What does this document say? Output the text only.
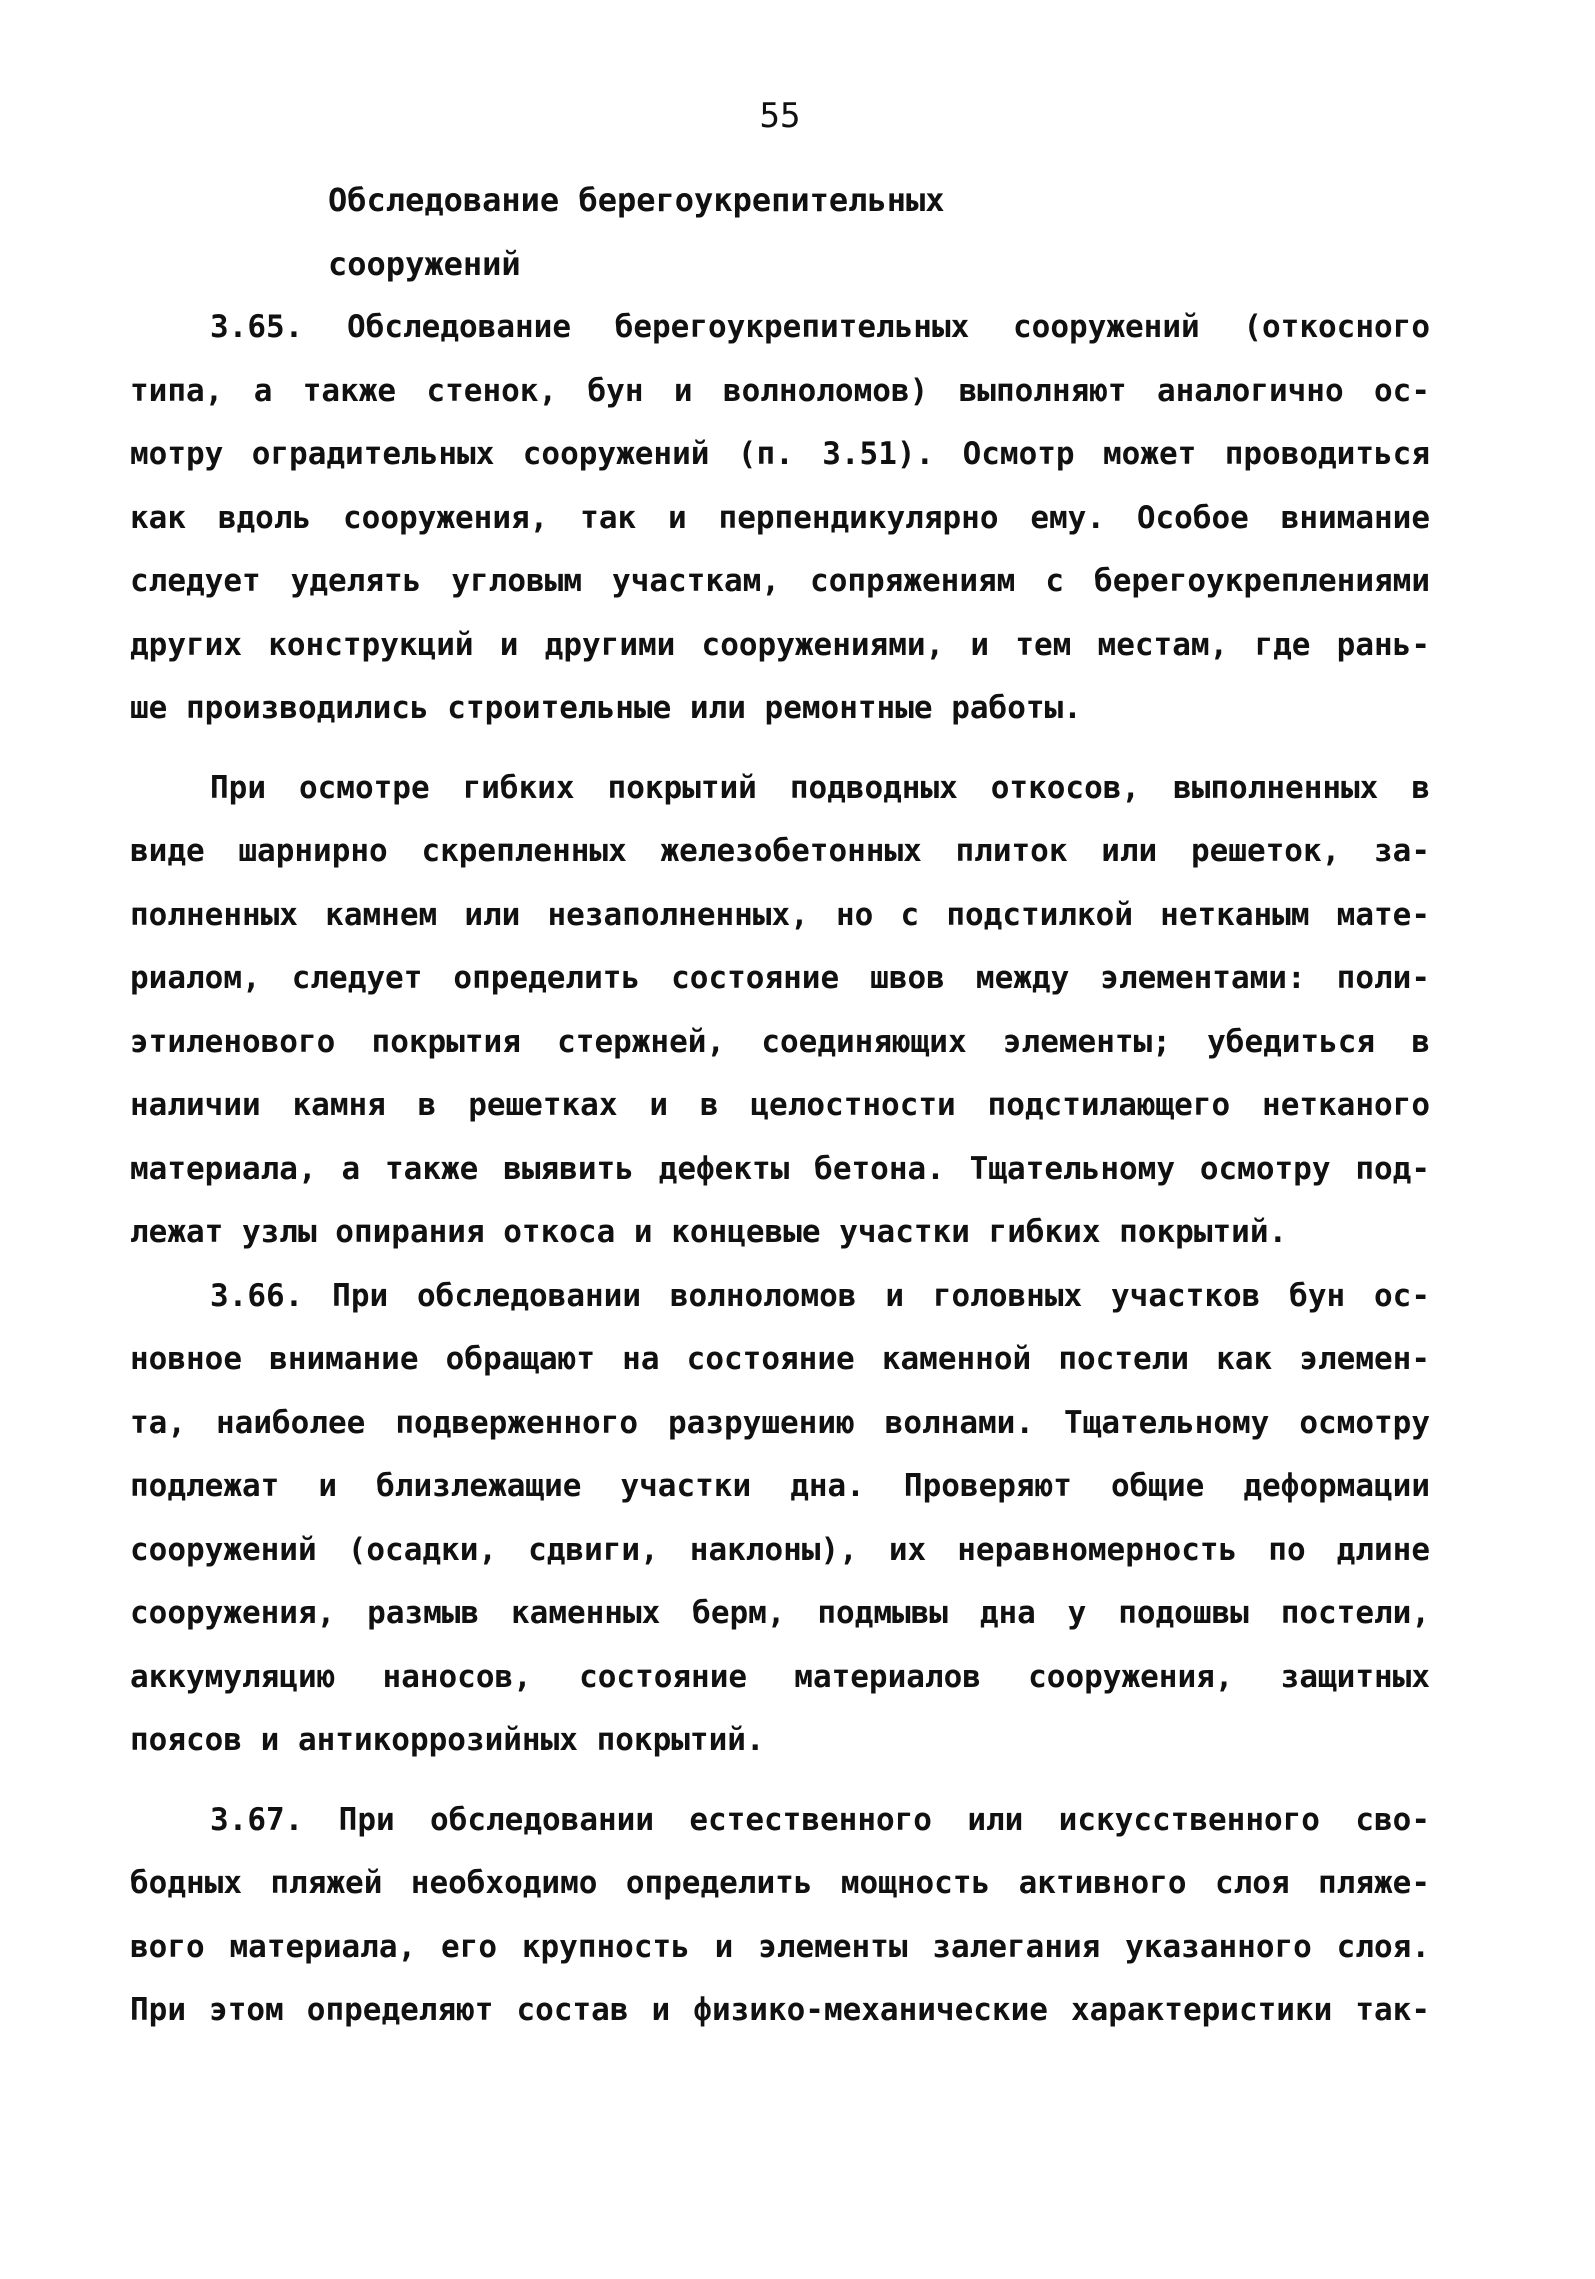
55
Обследование берегоукрепительных
сооружений
3.65. Обследование берегоукрепительных сооружений (откосного
типа, а также стенок, бун и волноломов) выполняют аналогично ос-
мотру оградительных сооружений (п. 3.51). Осмотр может проводиться
как вдоль сооружения, так и перпендикулярно ему. Особое внимание
следует уделять угловым участкам, сопряжениям с берегоукреплениями
других конструкций и другими сооружениями, и тем местам, где рань-
ше производились строительные или ремонтные работы.
При осмотре гибких покрытий подводных откосов, выполненных в
виде шарнирно скрепленных железобетонных плиток или решеток, за-
полненных камнем или незаполненных, но с подстилкой нетканым мате-
риалом, следует определить состояние швов между элементами: поли-
этиленового покрытия стержней, соединяющих элементы; убедиться в
наличии камня в решетках и в целостности подстилающего нетканого
материала, а также выявить дефекты бетона. Тщательному осмотру под-
лежат узлы опирания откоса и концевые участки гибких покрытий.
3.66. При обследовании волноломов и головных участков бун ос-
новное внимание обращают на состояние каменной постели как элемен-
та, наиболее подверженного разрушению волнами. Тщательному осмотру
подлежат и близлежащие участки дна. Проверяют общие деформации
сооружений (осадки, сдвиги, наклоны), их неравномерность по длине
сооружения, размыв каменных берм, подмывы дна у подошвы постели,
аккумуляцию наносов, состояние материалов сооружения, защитных
поясов и антикоррозийных покрытий.
3.67. При обследовании естественного или искусственного сво-
бодных пляжей необходимо определить мощность активного слоя пляже-
вого материала, его крупность и элементы залегания указанного слоя.
При этом определяют состав и физико-механические характеристики так-
